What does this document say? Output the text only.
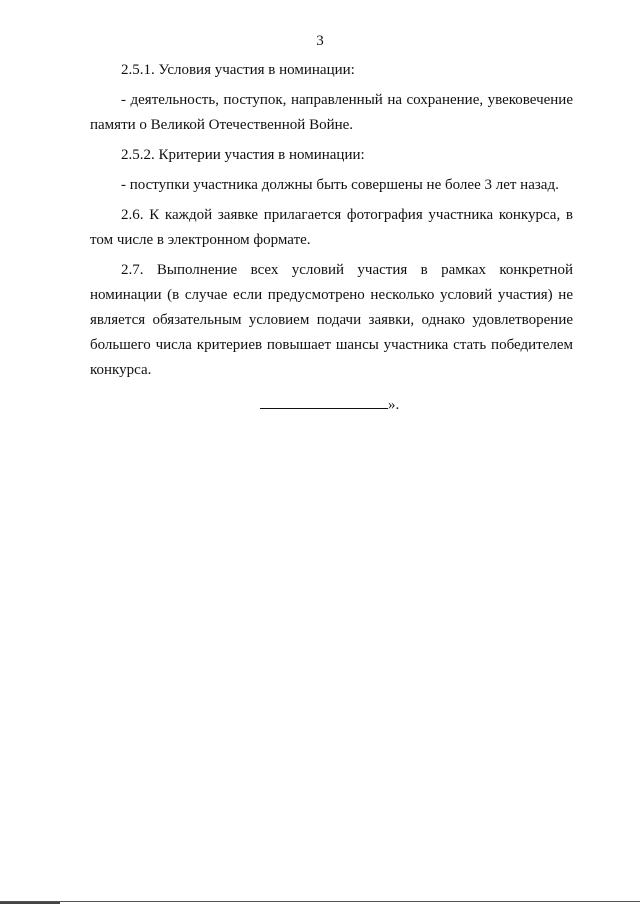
3

2.5.1. Условия участия в номинации:

- деятельность, поступок, направленный на сохранение, увековечение памяти о Великой Отечественной Войне.

2.5.2. Критерии участия в номинации:

- поступки участника должны быть совершены не более 3 лет назад.

2.6. К каждой заявке прилагается фотография участника конкурса, в том числе в электронном формате.

2.7. Выполнение всех условий участия в рамках конкретной номинации (в случае если предусмотрено несколько условий участия) не является обязательным условием подачи заявки, однако удовлетворение большего числа критериев повышает шансы участника стать победителем конкурса.

».
